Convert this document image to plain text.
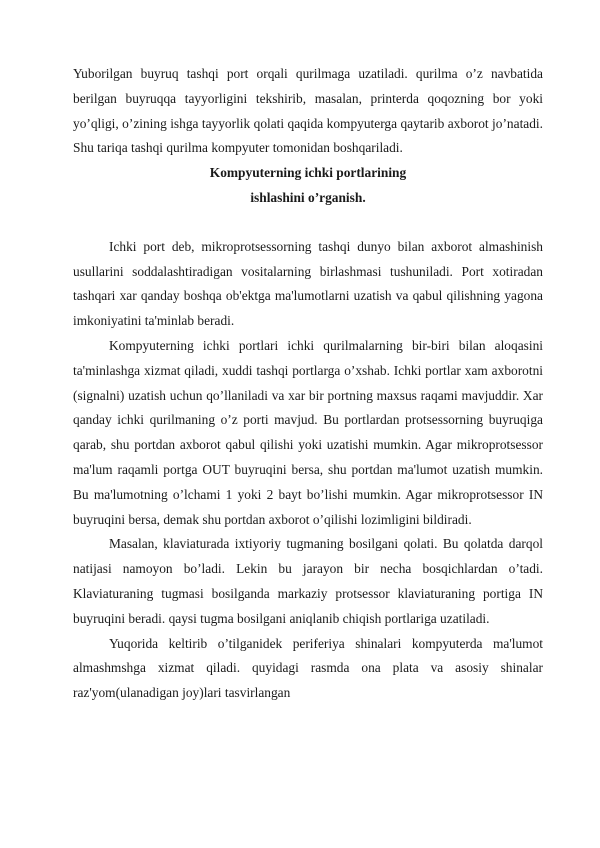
Yuborilgan buyruq tashqi port orqali qurilmaga uzatiladi. qurilma o’z navbatida berilgan buyruqqa tayyorligini tekshirib, masalan, printerda qoqozning bor yoki yo’qligi, o’zining ishga tayyorlik qolati qaqida kompyuterga qaytarib axborot jo’natadi. Shu tariqa tashqi qurilma kompyuter tomonidan boshqariladi.

Kompyuterning ichki portlarining

ishlashini o’rganish.

Ichki port deb, mikroprotsessorning tashqi dunyo bilan axborot almashinish usullarini soddalashtiradigan vositalarning birlashmasi tushuniladi. Port xotiradan tashqari xar qanday boshqa ob'ektga ma'lumotlarni uzatish va qabul qilishning yagona imkoniyatini ta'minlab beradi.

Kompyuterning ichki portlari ichki qurilmalarning bir-biri bilan aloqasini ta'minlashga xizmat qiladi, xuddi tashqi portlarga o’xshab. Ichki portlar xam axborotni (signalni) uzatish uchun qo’llaniladi va xar bir portning maxsus raqami mavjuddir. Xar qanday ichki qurilmaning o’z porti mavjud. Bu portlardan protsessorning buyruqiga qarab, shu portdan axborot qabul qilishi yoki uzatishi mumkin. Agar mikroprotsessor ma'lum raqamli portga OUT buyruqini bersa, shu portdan ma'lumot uzatish mumkin. Bu ma'lumotning o’lchami 1 yoki 2 bayt bo’lishi mumkin. Agar mikroprotsessor IN buyruqini bersa, demak shu portdan axborot o’qilishi lozimligini bildiradi.

Masalan, klaviaturada ixtiyoriy tugmaning bosilgani qolati. Bu qolatda darqol natijasi namoyon bo’ladi. Lekin bu jarayon bir necha bosqichlardan o’tadi. Klaviaturaning tugmasi bosilganda markaziy protsessor klaviaturaning portiga IN buyruqini beradi. qaysi tugma bosilgani aniqlanib chiqish portlariga uzatiladi.

Yuqorida keltirib o’tilganidek periferiya shinalari kompyuterda ma'lumot almashmshga xizmat qiladi. quyidagi rasmda ona plata va asosiy shinalar raz'yom(ulanadigan joy)lari tasvirlangan
